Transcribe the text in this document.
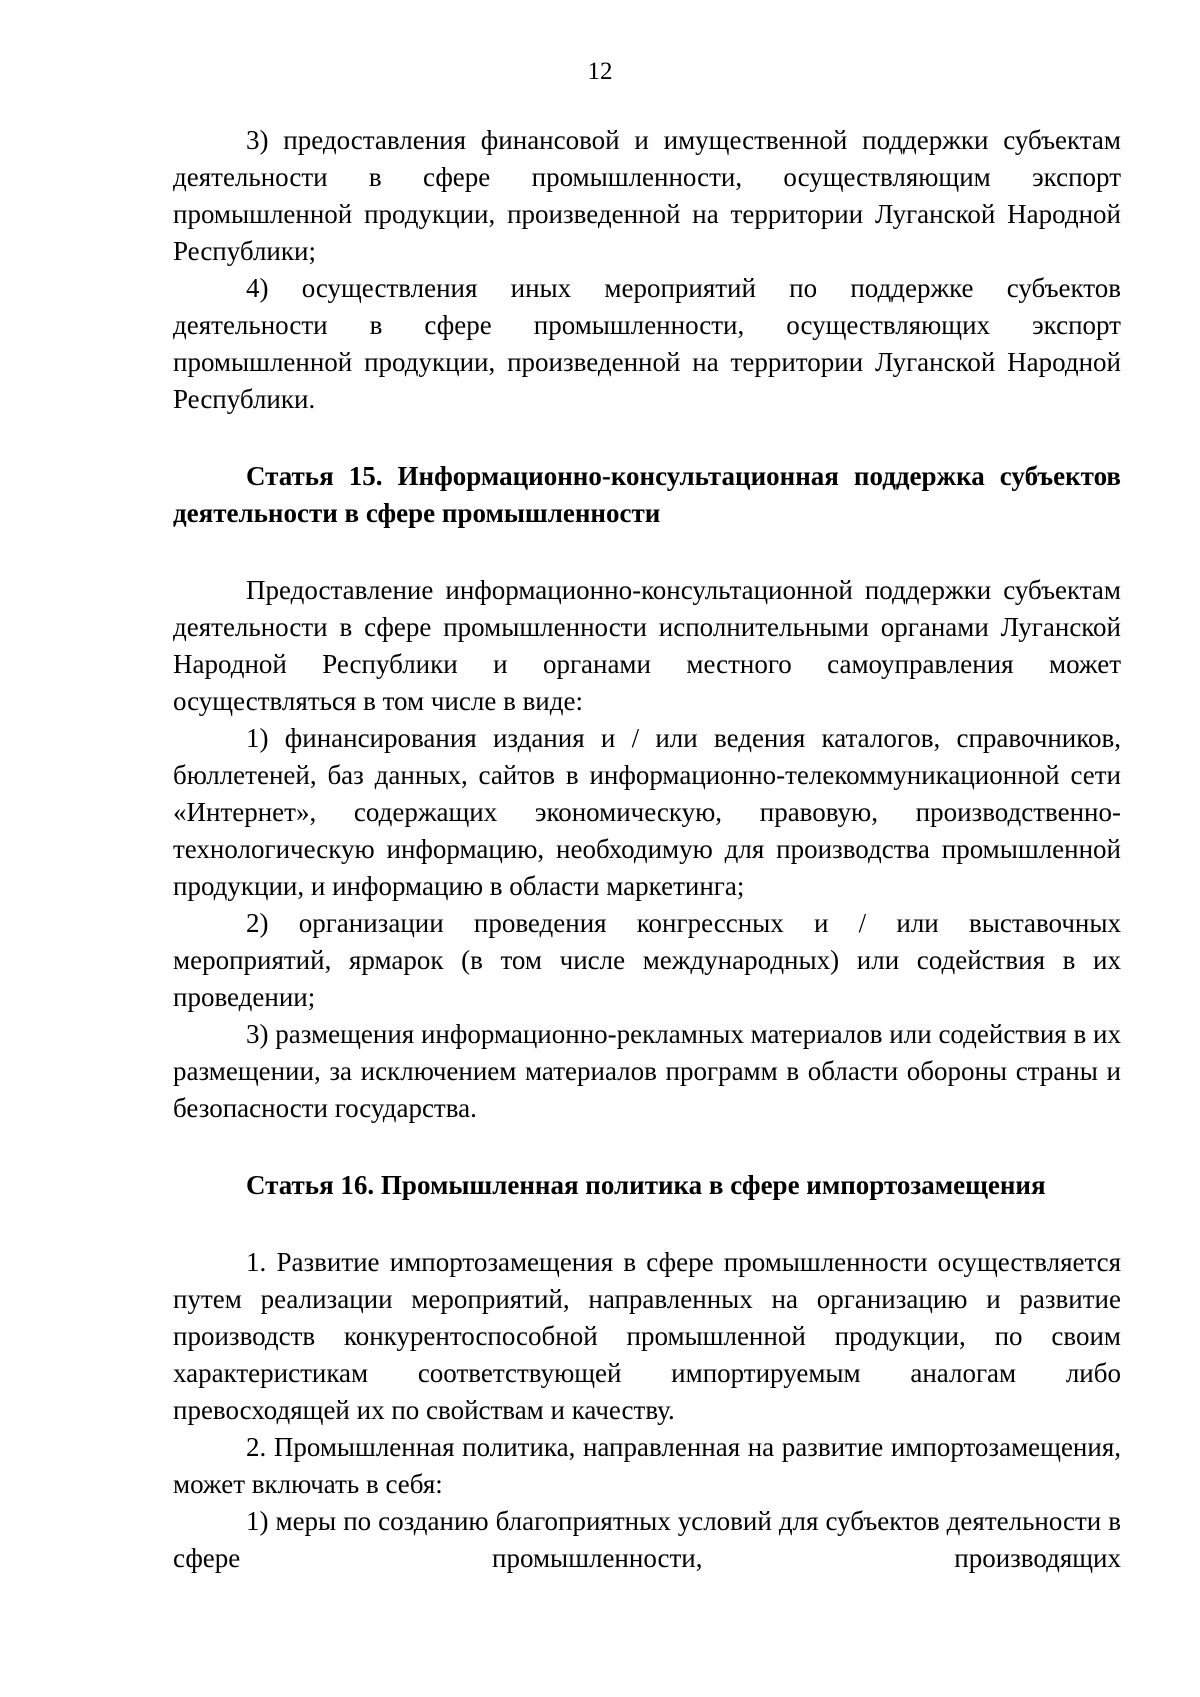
12

3) предоставления финансовой и имущественной поддержки субъектам деятельности в сфере промышленности, осуществляющим экспорт промышленной продукции, произведенной на территории Луганской Народной Республики;

4) осуществления иных мероприятий по поддержке субъектов деятельности в сфере промышленности, осуществляющих экспорт промышленной продукции, произведенной на территории Луганской Народной Республики.

Статья 15. Информационно-консультационная поддержка субъектов деятельности в сфере промышленности

Предоставление информационно-консультационной поддержки субъектам деятельности в сфере промышленности исполнительными органами Луганской Народной Республики и органами местного самоуправления может осуществляться в том числе в виде:

1) финансирования издания и / или ведения каталогов, справочников, бюллетеней, баз данных, сайтов в информационно-телекоммуникационной сети «Интернет», содержащих экономическую, правовую, производственно-технологическую информацию, необходимую для производства промышленной продукции, и информацию в области маркетинга;

2) организации проведения конгрессных и / или выставочных мероприятий, ярмарок (в том числе международных) или содействия в их проведении;

3) размещения информационно-рекламных материалов или содействия в их размещении, за исключением материалов программ в области обороны страны и безопасности государства.

Статья 16. Промышленная политика в сфере импортозамещения

1. Развитие импортозамещения в сфере промышленности осуществляется путем реализации мероприятий, направленных на организацию и развитие производств конкурентоспособной промышленной продукции, по своим характеристикам соответствующей импортируемым аналогам либо превосходящей их по свойствам и качеству.

2. Промышленная политика, направленная на развитие импортозамещения, может включать в себя:

1) меры по созданию благоприятных условий для субъектов деятельности в сфере промышленности, производящих
